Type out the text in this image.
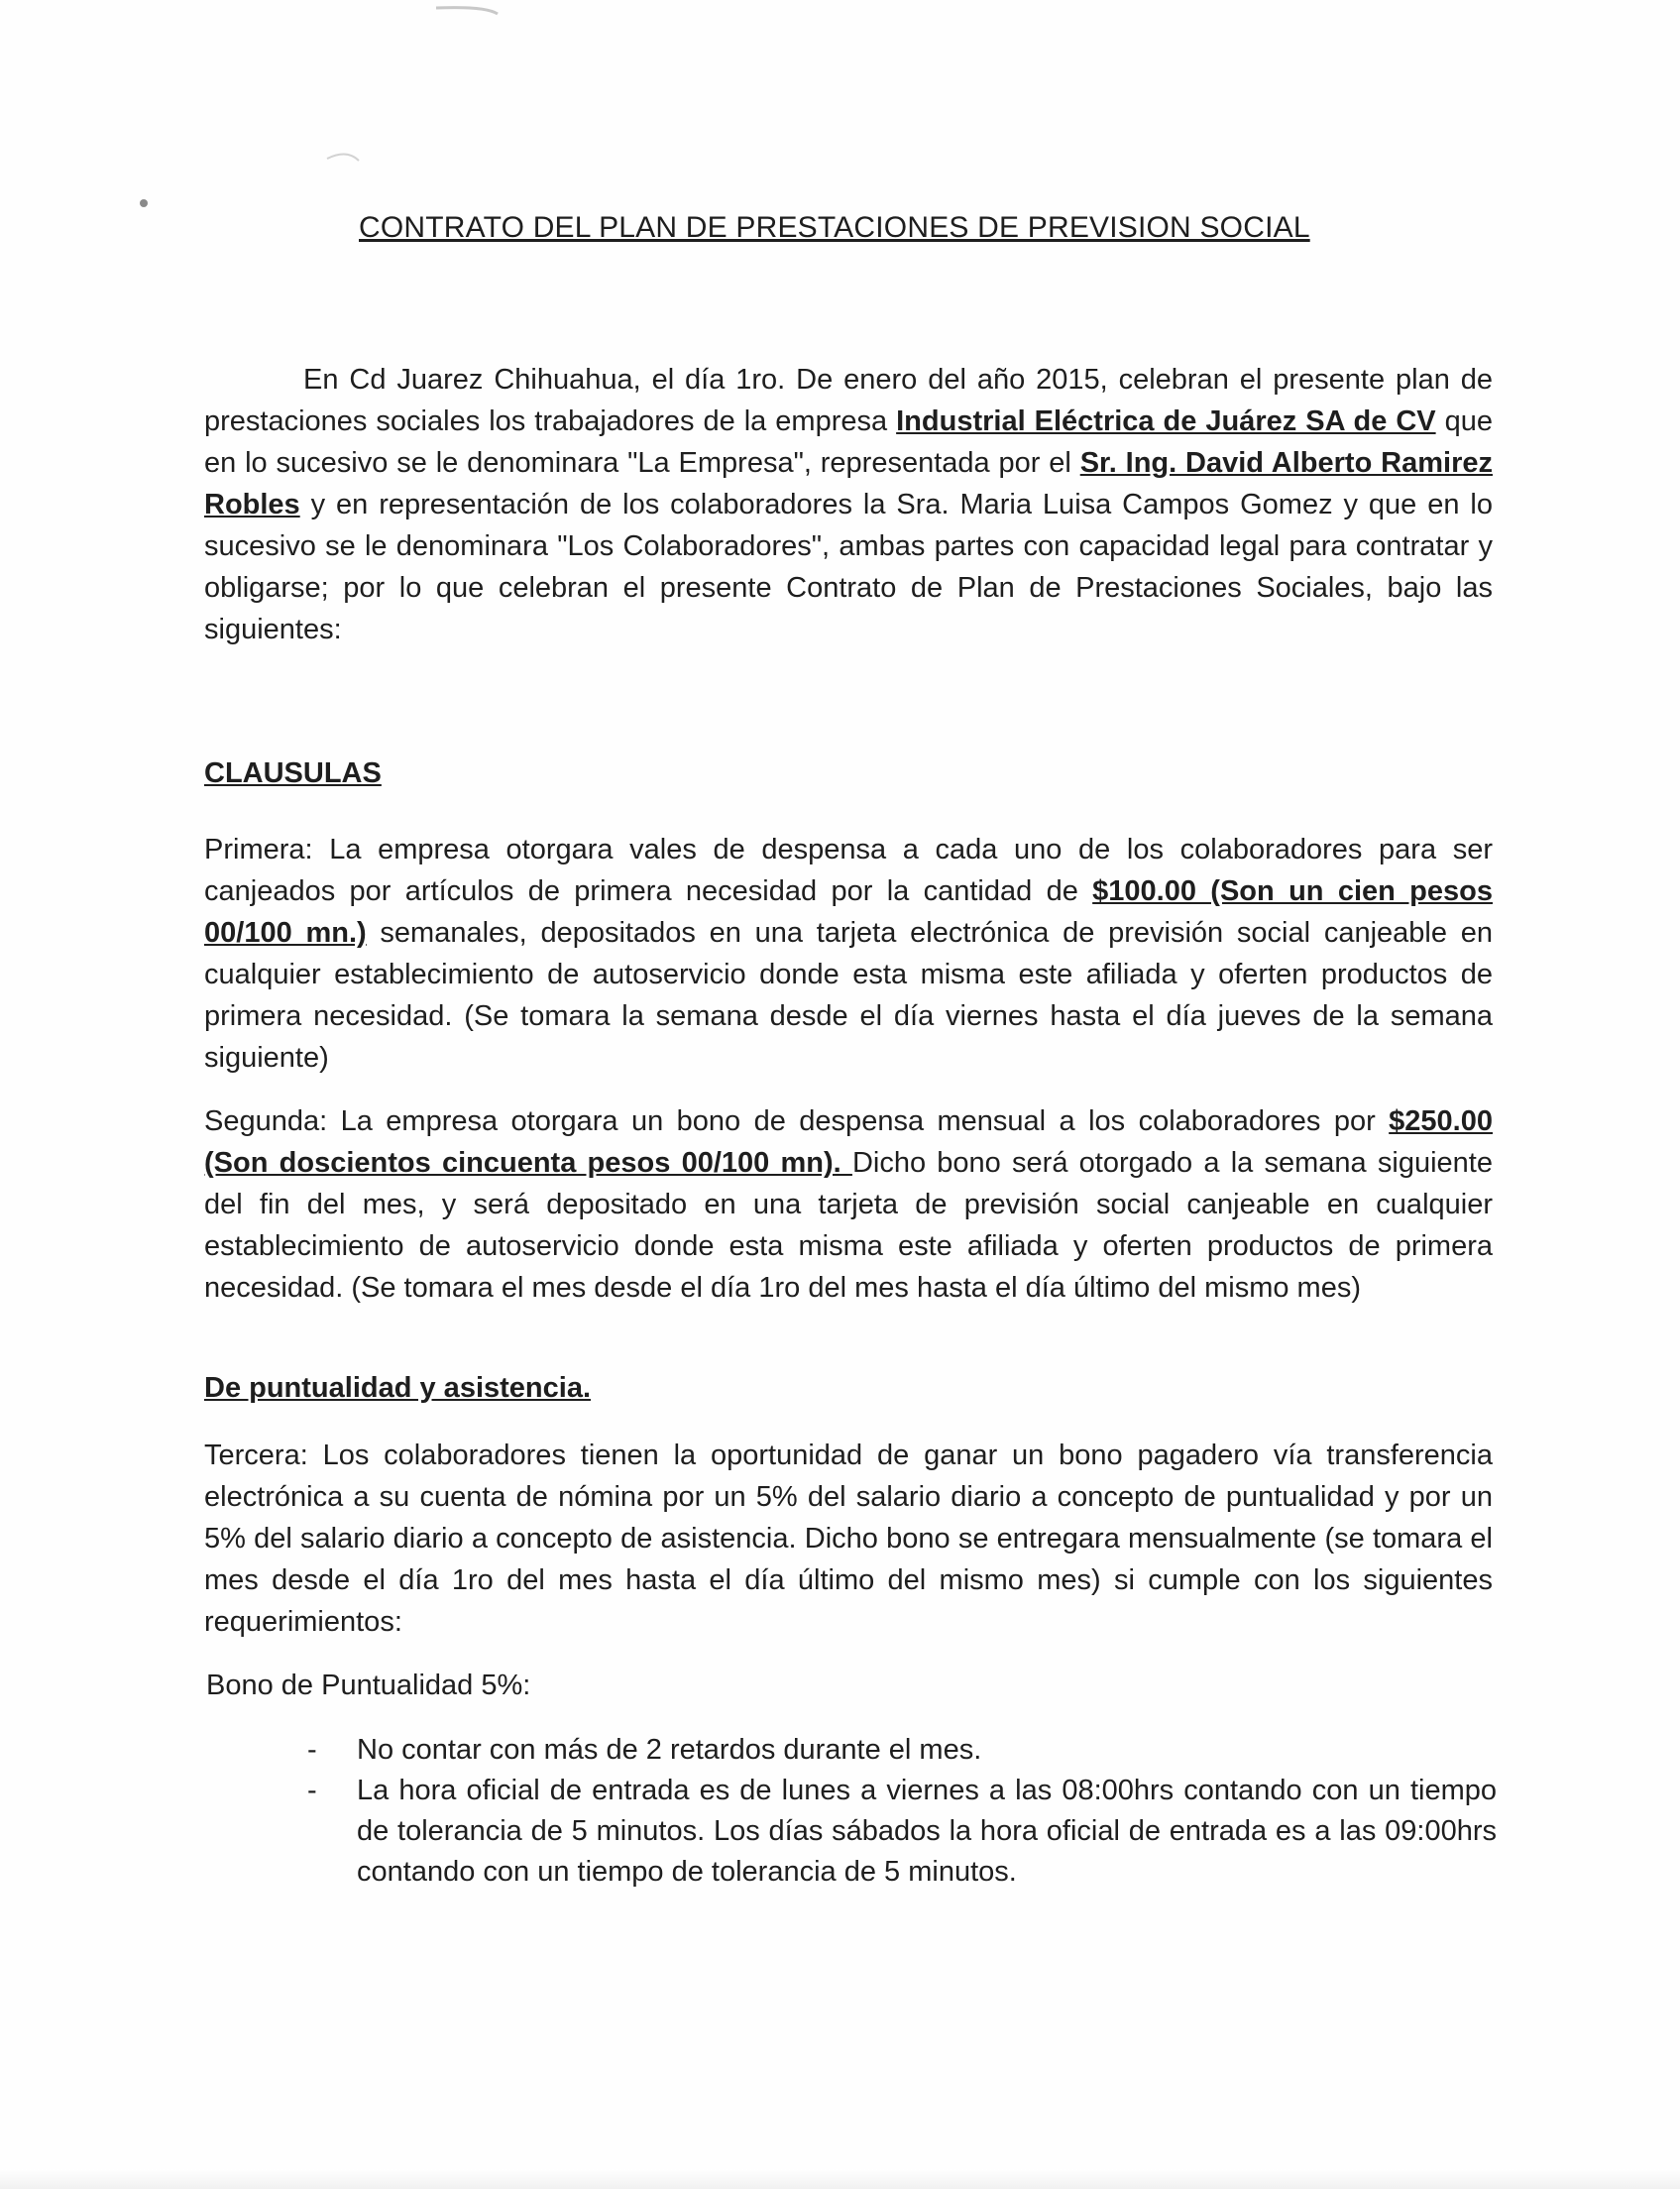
CONTRATO DEL PLAN DE PRESTACIONES DE PREVISION SOCIAL

En Cd Juarez Chihuahua, el día 1ro. De enero del año 2015, celebran el presente plan de prestaciones sociales los trabajadores de la empresa Industrial Eléctrica de Juárez SA de CV que en lo sucesivo se le denominara "La Empresa", representada por el Sr. Ing. David Alberto Ramirez Robles y en representación de los colaboradores la Sra. Maria Luisa Campos Gomez y que en lo sucesivo se le denominara "Los Colaboradores", ambas partes con capacidad legal para contratar y obligarse; por lo que celebran el presente Contrato de Plan de Prestaciones Sociales, bajo las siguientes:

CLAUSULAS

Primera: La empresa otorgara vales de despensa a cada uno de los colaboradores para ser canjeados por artículos de primera necesidad por la cantidad de $100.00 (Son un cien pesos 00/100 mn.) semanales, depositados en una tarjeta electrónica de previsión social canjeable en cualquier establecimiento de autoservicio donde esta misma este afiliada y oferten productos de primera necesidad. (Se tomara la semana desde el día viernes hasta el día jueves de la semana siguiente)

Segunda: La empresa otorgara un bono de despensa mensual a los colaboradores por $250.00 (Son doscientos cincuenta pesos 00/100 mn). Dicho bono será otorgado a la semana siguiente del fin del mes, y será depositado en una tarjeta de previsión social canjeable en cualquier establecimiento de autoservicio donde esta misma este afiliada y oferten productos de primera necesidad. (Se tomara el mes desde el día 1ro del mes hasta el día último del mismo mes)

De puntualidad y asistencia.

Tercera: Los colaboradores tienen la oportunidad de ganar un bono pagadero vía transferencia electrónica a su cuenta de nómina por un 5% del salario diario a concepto de puntualidad y por un 5% del salario diario a concepto de asistencia. Dicho bono se entregara mensualmente (se tomara el mes desde el día 1ro del mes hasta el día último del mismo mes) si cumple con los siguientes requerimientos:

Bono de Puntualidad 5%:
- No contar con más de 2 retardos durante el mes.
- La hora oficial de entrada es de lunes a viernes a las 08:00hrs contando con un tiempo de tolerancia de 5 minutos. Los días sábados la hora oficial de entrada es a las 09:00hrs contando con un tiempo de tolerancia de 5 minutos.
